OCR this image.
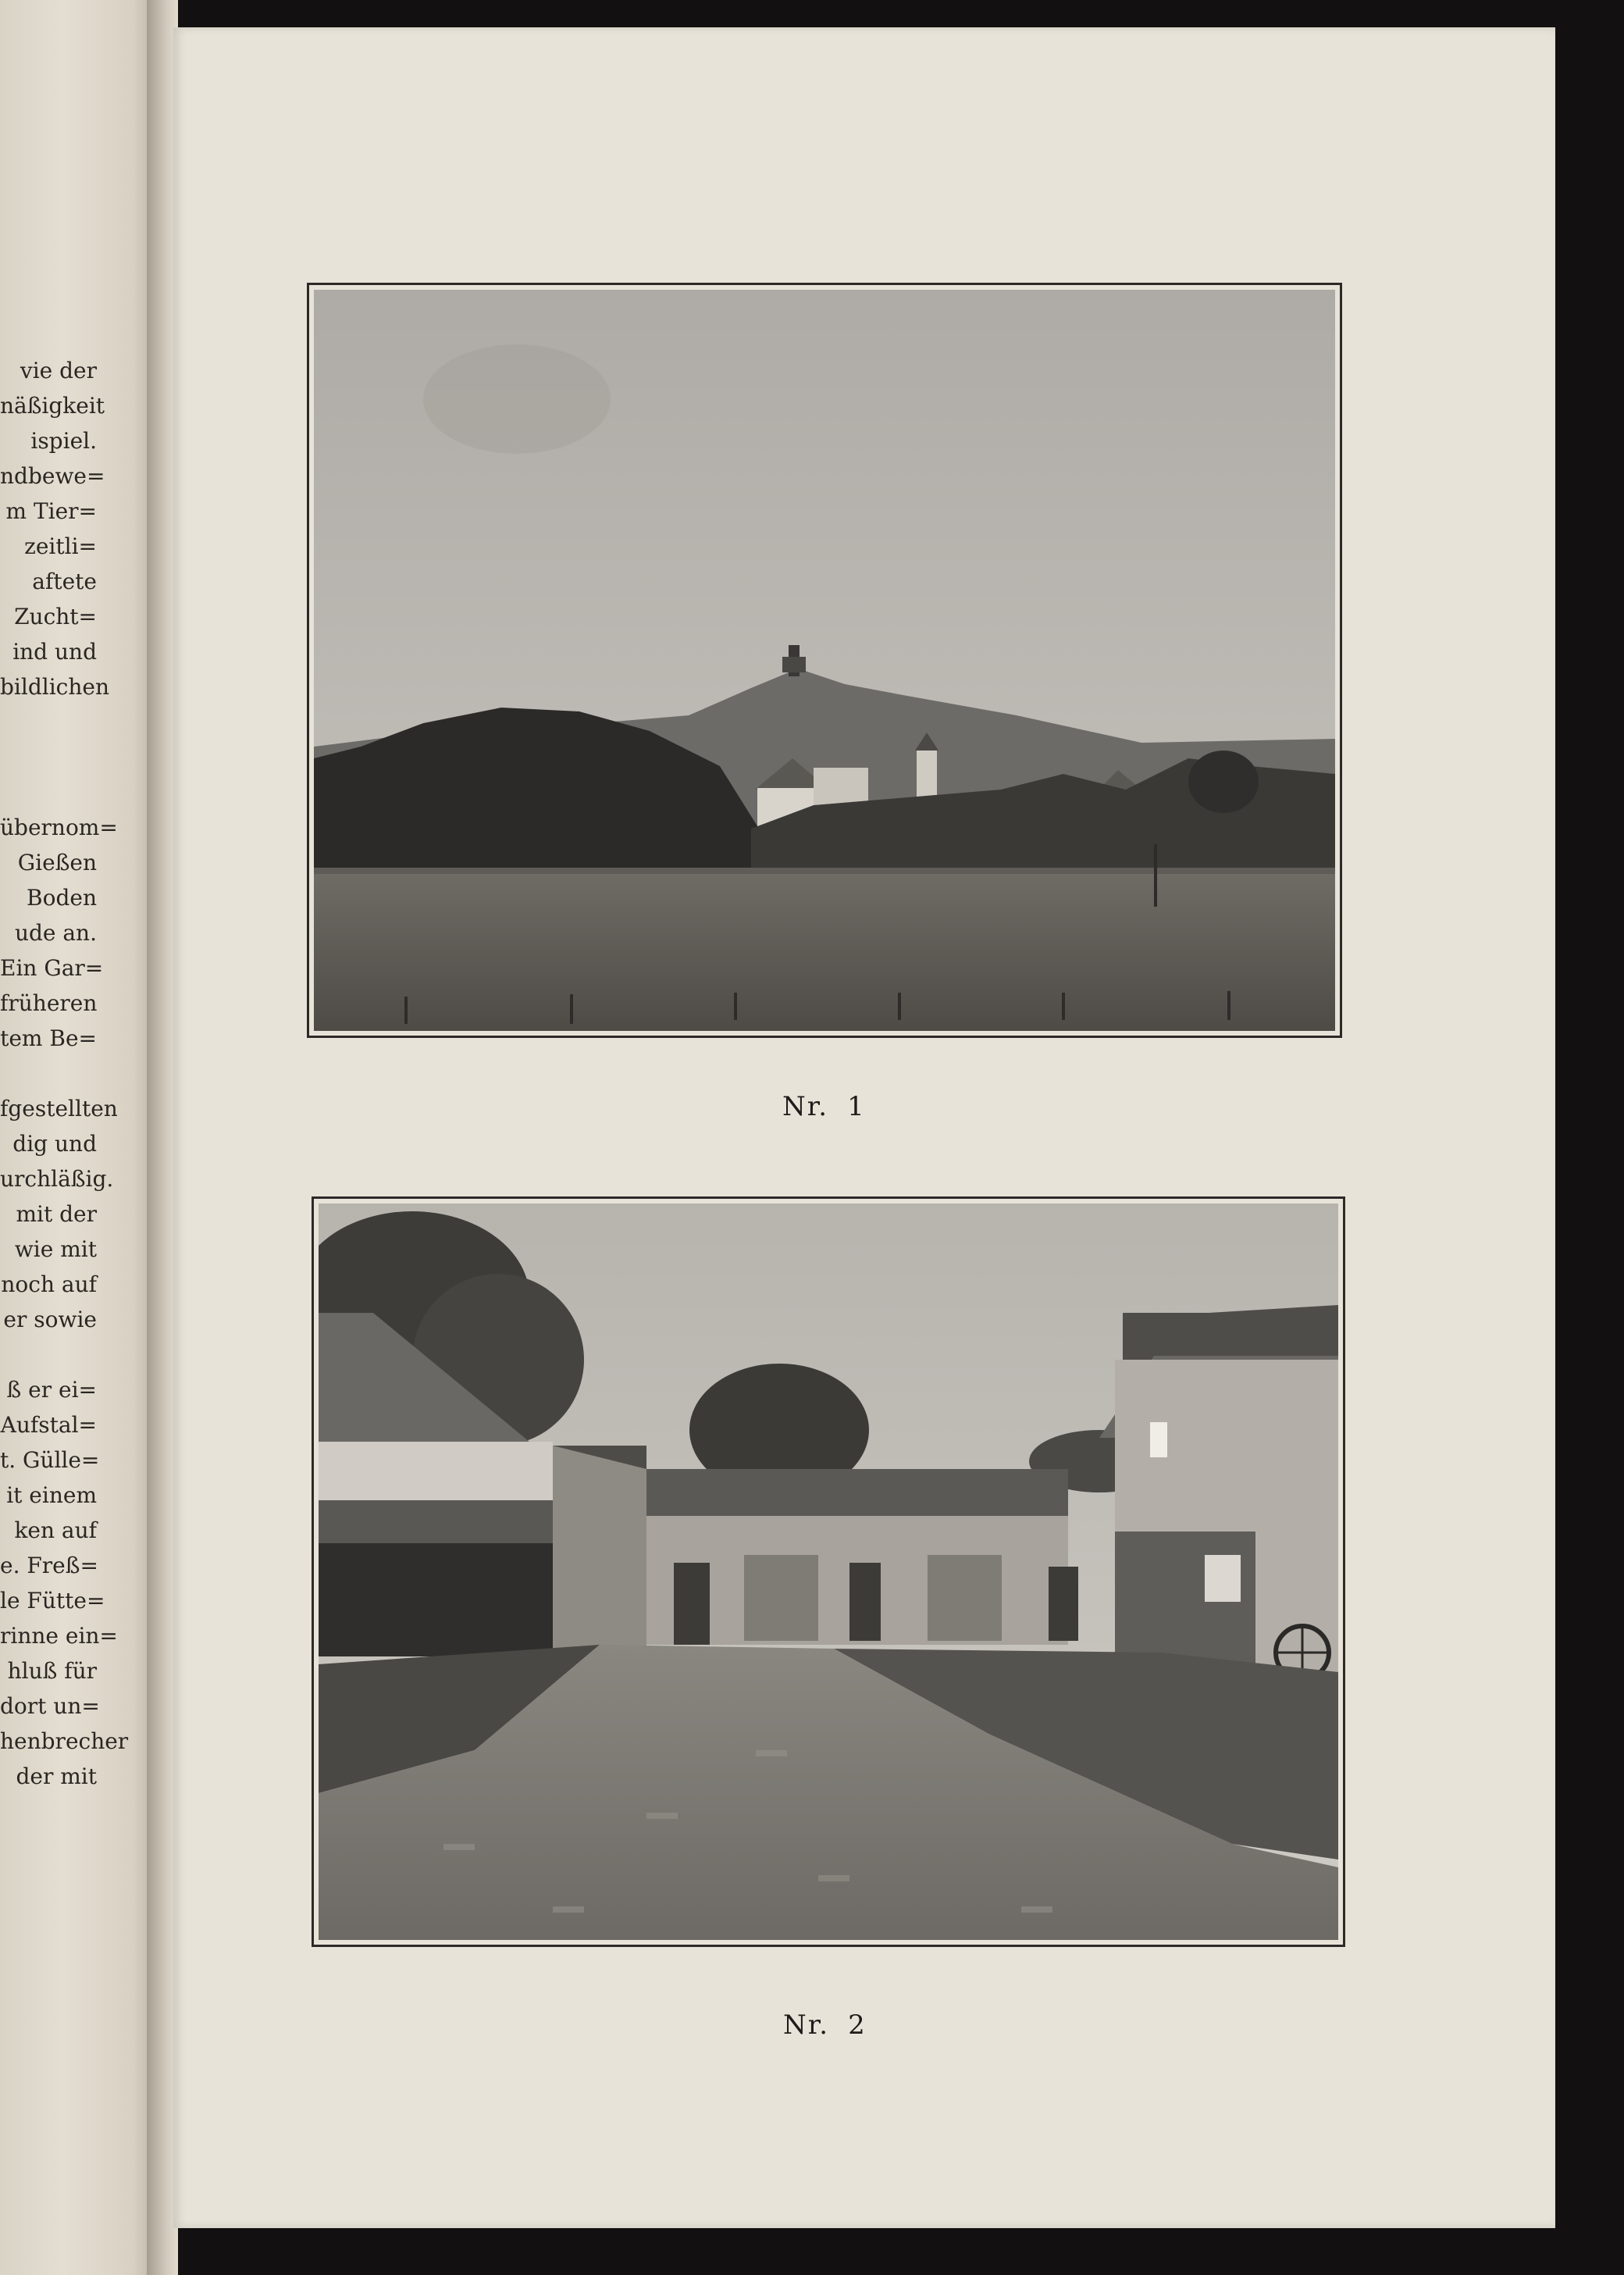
vie der
näßigkeit
ispiel.
ndbewe=
m Tier=
zeitli=
aftete
Zucht=
ind und
bildlichen
übernom=
Gießen
Boden
ude an.
Ein Gar=
früheren
tem Be=
fgestellten
dig und
urchläßig.
mit der
wie mit
noch auf
er sowie
ß er ei=
Aufstal=
t. Gülle=
it einem
ken auf
e. Freß=
le Fütte=
rinne ein=
hluß für
dort un=
henbrecher
der mit
Nr. 1
Nr. 2
